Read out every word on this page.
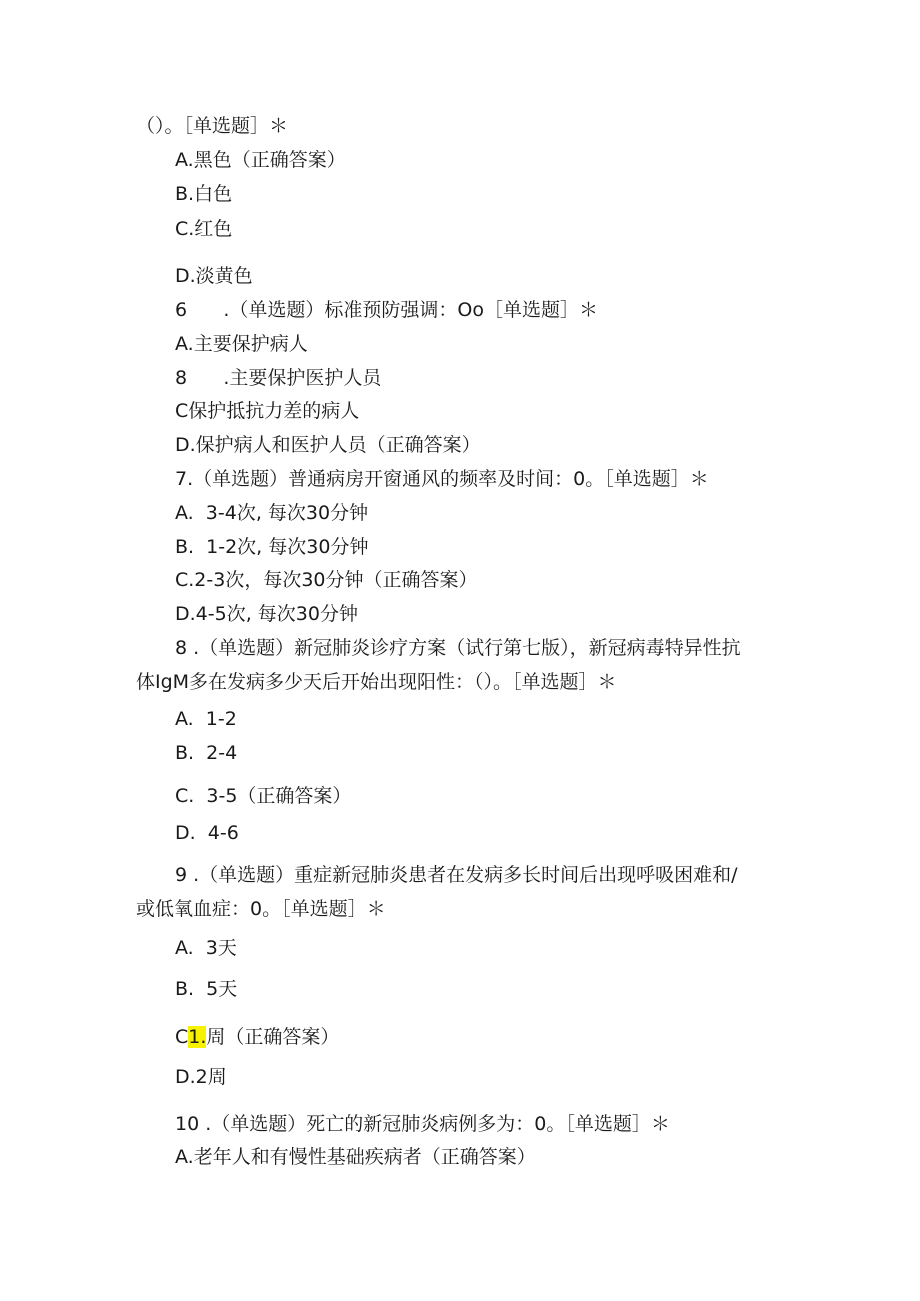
（）。［单选题］＊
A.黑色（正确答案）
B.白色
C.红色
D.淡黄色
6      .（单选题）标准预防强调：Oo［单选题］＊
A.主要保护病人
8      .主要保护医护人员
C保护抵抗力差的病人
D.保护病人和医护人员（正确答案）
7.（单选题）普通病房开窗通风的频率及时间：0。［单选题］＊
A.  3-4次, 每次30分钟
B.  1-2次, 每次30分钟
C.2-3次，每次30分钟（正确答案）
D.4-5次, 每次30分钟
8 .（单选题）新冠肺炎诊疗方案（试行第七版），新冠病毒特异性抗
体IgM多在发病多少天后开始出现阳性：（）。［单选题］＊
A.  1-2
B.  2-4
C.  3-5（正确答案）
D.  4-6
9 .（单选题）重症新冠肺炎患者在发病多长时间后出现呼吸困难和/
或低氧血症：0。［单选题］＊
A.  3天
B.  5天
C1.周（正确答案）
D.2周
10 .（单选题）死亡的新冠肺炎病例多为：0。［单选题］＊
A.老年人和有慢性基础疾病者（正确答案）
